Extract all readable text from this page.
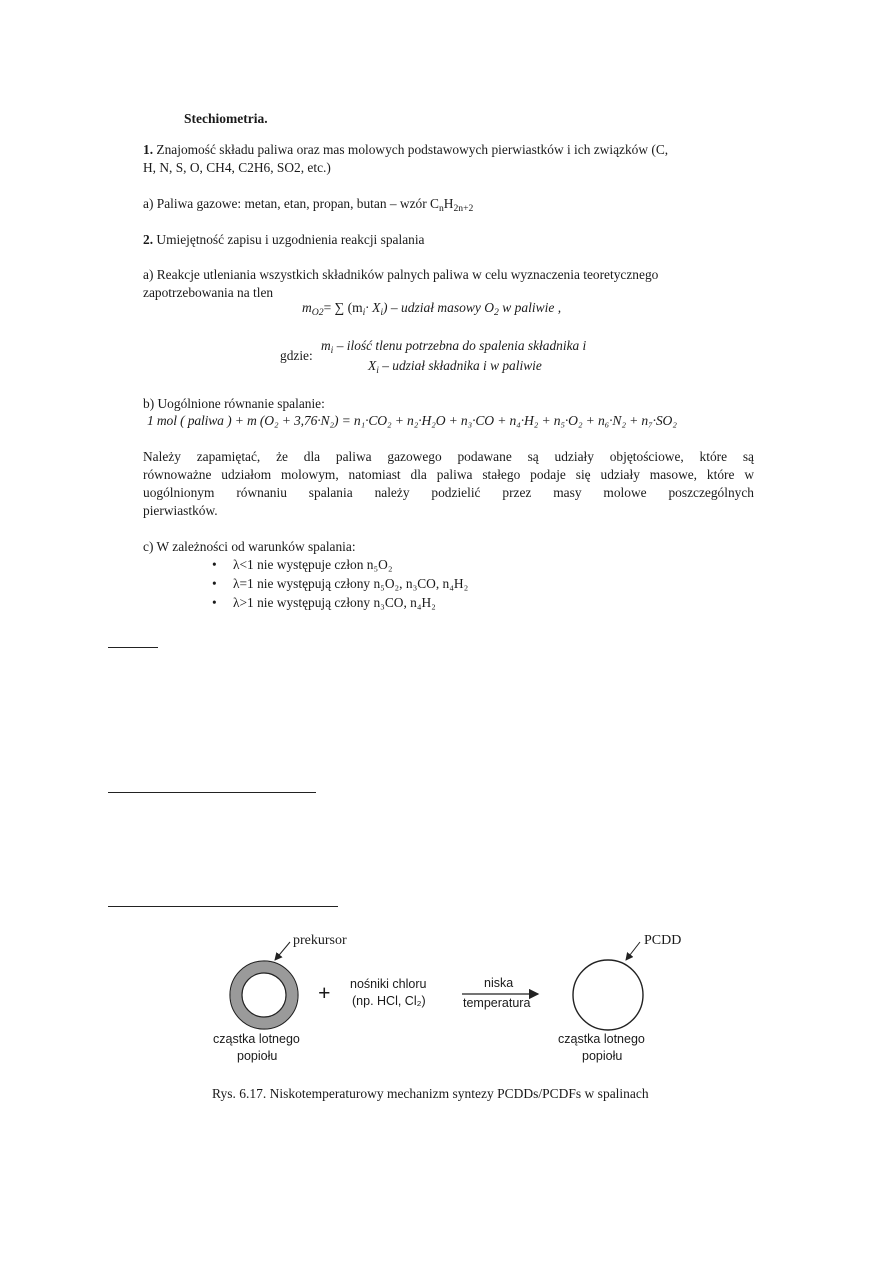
Stechiometria.
1. Znajomość składu paliwa oraz mas molowych podstawowych pierwiastków i ich związków (C,
H, N, S, O, CH4, C2H6, SO2, etc.)
a) Paliwa gazowe: metan, etan, propan, butan – wzór $C_nH_{2n+2}$
2. Umiejętność zapisu i uzgodnienia reakcji spalania
a) Reakcje utleniania wszystkich składników palnych paliwa w celu wyznaczenia teoretycznego
zapotrzebowania na tlen
$m_{O2}=$ ∑ $(m_i\cdot X_i)$ – udział masowy $O_2$ w paliwie ,
gdzie:
$m_i$ – ilość tlenu potrzebna do spalenia składnika i
$X_i$ – udział składnika i w paliwie
b) Uogólnione równanie spalanie:
1 mol ( paliwa ) + m (O₂ + 3,76·N₂) = n₁·CO₂ + n₂·H₂O + n₃·CO + n₄·H₂ + n₅·O₂ + n₆·N₂ + n₇·SO₂
Należy zapamiętać, że dla paliwa gazowego podawane są udziały objętościowe, które są
równoważne udziałom molowym, natomiast dla paliwa stałego podaje się udziały masowe, które w
uogólnionym równaniu spalania należy podzielić przez masy molowe poszczególnych
pierwiastków.
c) W zależności od warunków spalania:
• λ<1 nie występuje człon n₅O₂
• λ=1 nie występują człony n₅O₂, n₃CO, n₄H₂
• λ>1 nie występują człony n₃CO, n₄H₂
prekursor	PCDD
+ nośniki chloru
(np. HCl, Cl₂)
niska
temperatura
cząstka lotnego
popiołu
cząstka lotnego
popiołu
Rys. 6.17. Niskotemperaturowy mechanizm syntezy PCDDs/PCDFs w spalinach
